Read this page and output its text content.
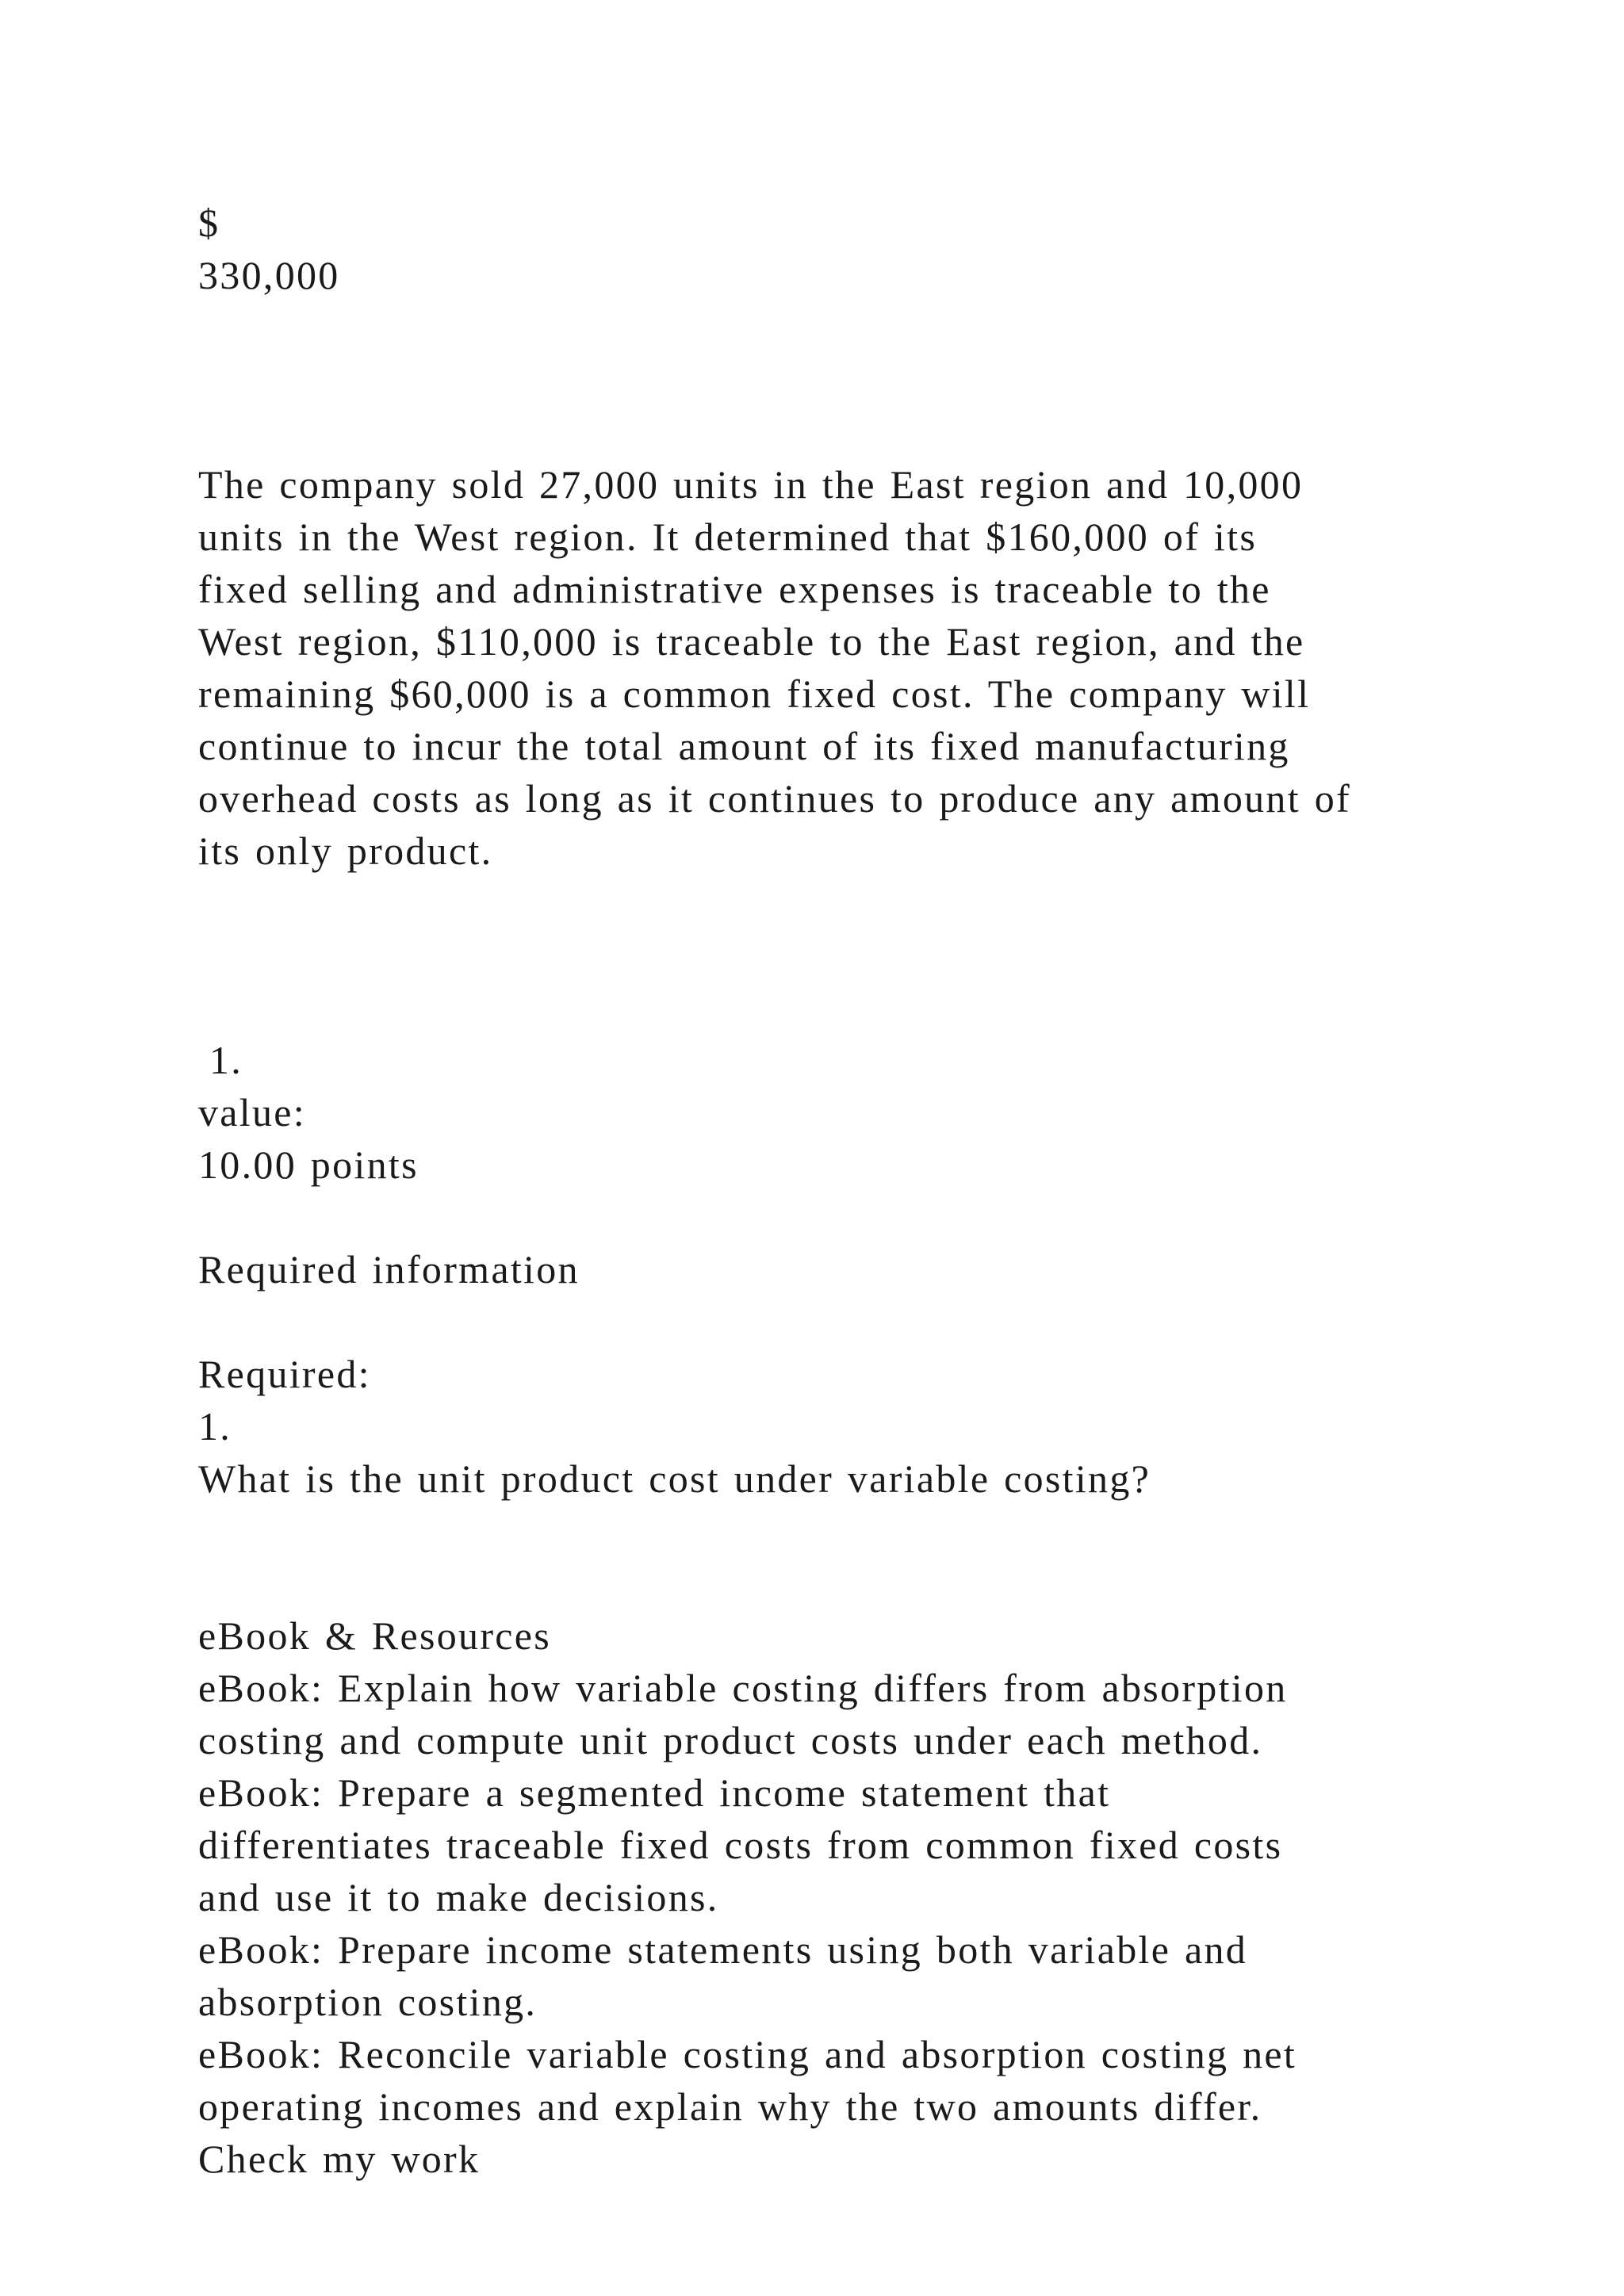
$
330,000
The company sold 27,000 units in the East region and 10,000
units in the West region. It determined that $160,000 of its
fixed selling and administrative expenses is traceable to the
West region, $110,000 is traceable to the East region, and the
remaining $60,000 is a common fixed cost. The company will
continue to incur the total amount of its fixed manufacturing
overhead costs as long as it continues to produce any amount of
its only product.
1.
value:
10.00 points
Required information
Required:
1.
What is the unit product cost under variable costing?
eBook & Resources
eBook: Explain how variable costing differs from absorption
costing and compute unit product costs under each method.
eBook: Prepare a segmented income statement that
differentiates traceable fixed costs from common fixed costs
and use it to make decisions.
eBook: Prepare income statements using both variable and
absorption costing.
eBook: Reconcile variable costing and absorption costing net
operating incomes and explain why the two amounts differ.
Check my work
